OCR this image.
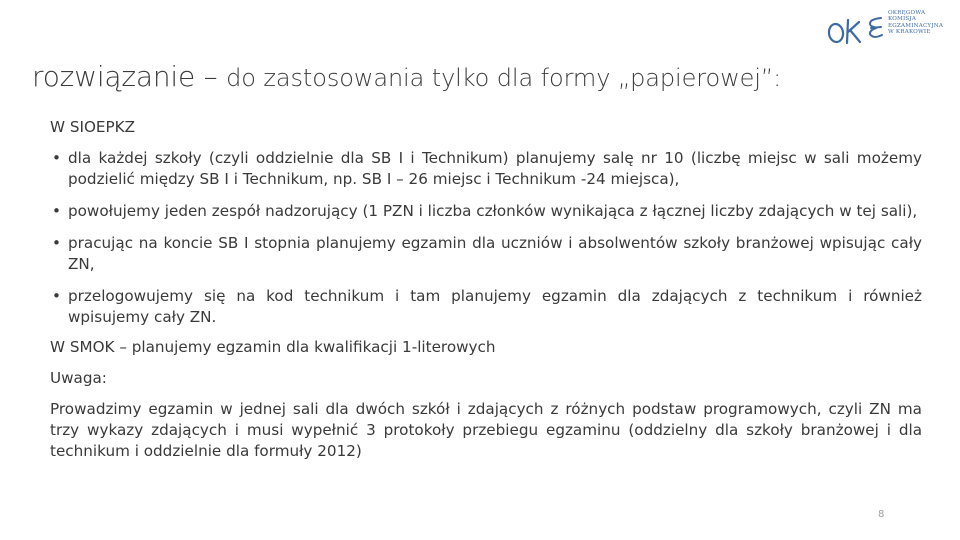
OKRĘGOWA
KOMISJA
EGZAMINACYJNA
W KRAKOWIE
rozwiązanie – do zastosowania tylko dla formy „papierowej”:

W SIOEPKZ

• dla każdej szkoły (czyli oddzielnie dla SB I i Technikum) planujemy salę nr 10 (liczbę miejsc w sali możemy podzielić między SB I i Technikum, np. SB I – 26 miejsc i Technikum -24 miejsca),
• powołujemy jeden zespół nadzorujący (1 PZN i liczba członków wynikająca z łącznej liczby zdających w tej sali),
• pracując na koncie SB I stopnia planujemy egzamin dla uczniów i absolwentów szkoły branżowej wpisując cały ZN,
• przelogowujemy się na kod technikum i tam planujemy egzamin dla zdających z technikum i również wpisujemy cały ZN.

W SMOK – planujemy egzamin dla kwalifikacji 1-literowych

Uwaga:

Prowadzimy egzamin w jednej sali dla dwóch szkół i zdających z różnych podstaw programowych, czyli ZN ma trzy wykazy zdających i musi wypełnić 3 protokoły przebiegu egzaminu (oddzielny dla szkoły branżowej i dla technikum i oddzielnie dla formuły 2012)

8
